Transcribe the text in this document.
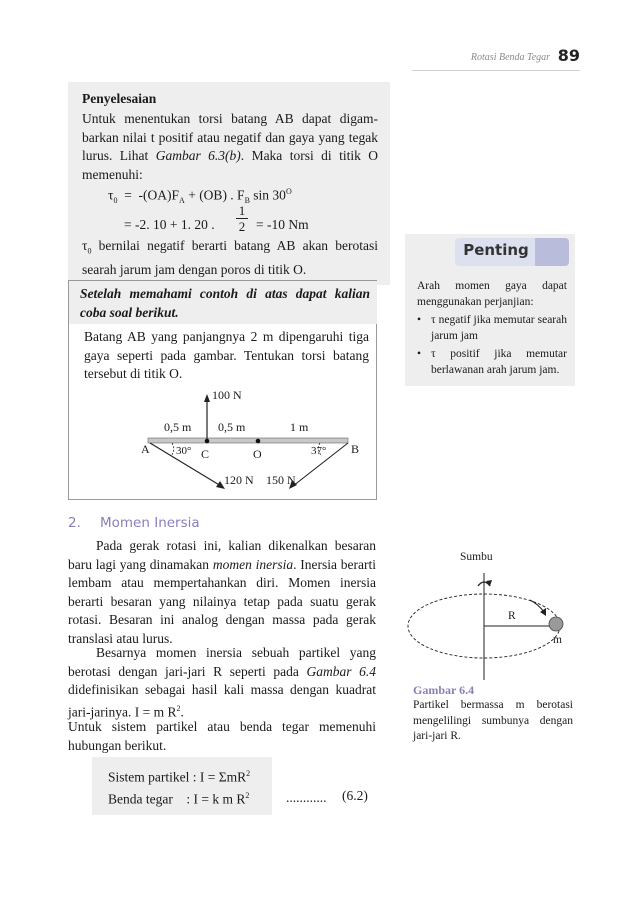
Rotasi Benda Tegar 89
Penyelesaian
Untuk menentukan torsi batang AB dapat digam-barkan nilai t positif atau negatif dan gaya yang tegak lurus. Lihat Gambar 6.3(b). Maka torsi di titik O memenuhi:
$\tau_0 = -(OA)F_A + (OB)$ . $F_B$ $\sin 30^O$
= -2. 10 + 1. 20 .
1
2 = -10 Nm
$\tau_0$ bernilai negatif berarti batang AB akan berotasi searah jarum jam dengan poros di titik O.
Setelah memahami contoh di atas dapat kalian coba soal berikut.
Batang AB yang panjangnya 2 m dipengaruhi tiga gaya seperti pada gambar. Tentukan torsi batang tersebut di titik O.
100 N
0,5 m 0,5 m	1 m
A	B
C	O
30°	37°
120 N 150 N
Penting
Arah momen gaya dapat menggunakan perjanjian:
• τ negatif jika memutar searah jarum jam
• τ positif jika memutar berlawanan arah jarum jam.
2. Momen Inersia
Pada gerak rotasi ini, kalian dikenalkan besaran baru lagi yang dinamakan momen inersia. Inersia berarti lembam atau mempertahankan diri. Momen inersia berarti besaran yang nilainya tetap pada suatu gerak rotasi. Besaran ini analog dengan massa pada gerak translasi atau lurus.
Besarnya momen inersia sebuah partikel yang berotasi dengan jari-jari R seperti pada Gambar 6.4 didefinisikan sebagai hasil kali massa dengan kuadrat jari-jarinya. I = m $R^2$.
Untuk sistem partikel atau benda tegar memenuhi hubungan berikut.
Sistem partikel : I = ΣmR$^2$
Benda tegar    : I = k m $R^2$	............ (6.2)
Sumbu
R
m
Gambar 6.4
Partikel bermassa m berotasi mengelilingi sumbunya dengan jari-jari R.
